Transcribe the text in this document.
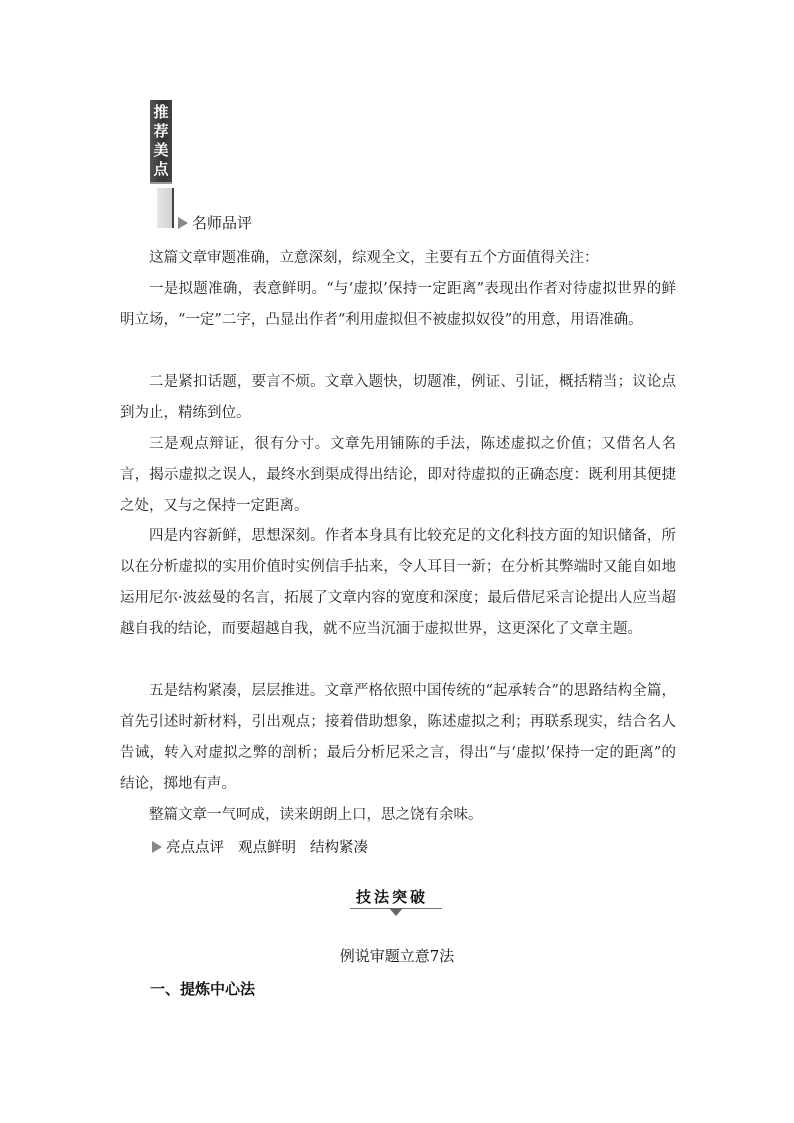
推
荐
美
点
名师品评

这篇文章审题准确，立意深刻，综观全文，主要有五个方面值得关注：

一是拟题准确，表意鲜明。“与‘虚拟’保持一定距离”表现出作者对待虚拟世界的鲜明立场，“一定”二字，凸显出作者“利用虚拟但不被虚拟奴役”的用意，用语准确。

二是紧扣话题，要言不烦。文章入题快，切题准，例证、引证，概括精当；议论点到为止，精练到位。

三是观点辩证，很有分寸。文章先用铺陈的手法，陈述虚拟之价值；又借名人名言，揭示虚拟之误人，最终水到渠成得出结论，即对待虚拟的正确态度：既利用其便捷之处，又与之保持一定距离。

四是内容新鲜，思想深刻。作者本身具有比较充足的文化科技方面的知识储备，所以在分析虚拟的实用价值时实例信手拈来，令人耳目一新；在分析其弊端时又能自如地运用尼尔·波兹曼的名言，拓展了文章内容的宽度和深度；最后借尼采言论提出人应当超越自我的结论，而要超越自我，就不应当沉湎于虚拟世界，这更深化了文章主题。

五是结构紧凑，层层推进。文章严格依照中国传统的“起承转合”的思路结构全篇，首先引述时新材料，引出观点；接着借助想象，陈述虚拟之利；再联系现实，结合名人告诫，转入对虚拟之弊的剖析；最后分析尼采之言，得出“与‘虚拟’保持一定的距离”的结论，掷地有声。

整篇文章一气呵成，读来朗朗上口，思之饶有余味。

亮点点评 观点鲜明 结构紧凑
技法突破
例说审题立意7法
一、提炼中心法
